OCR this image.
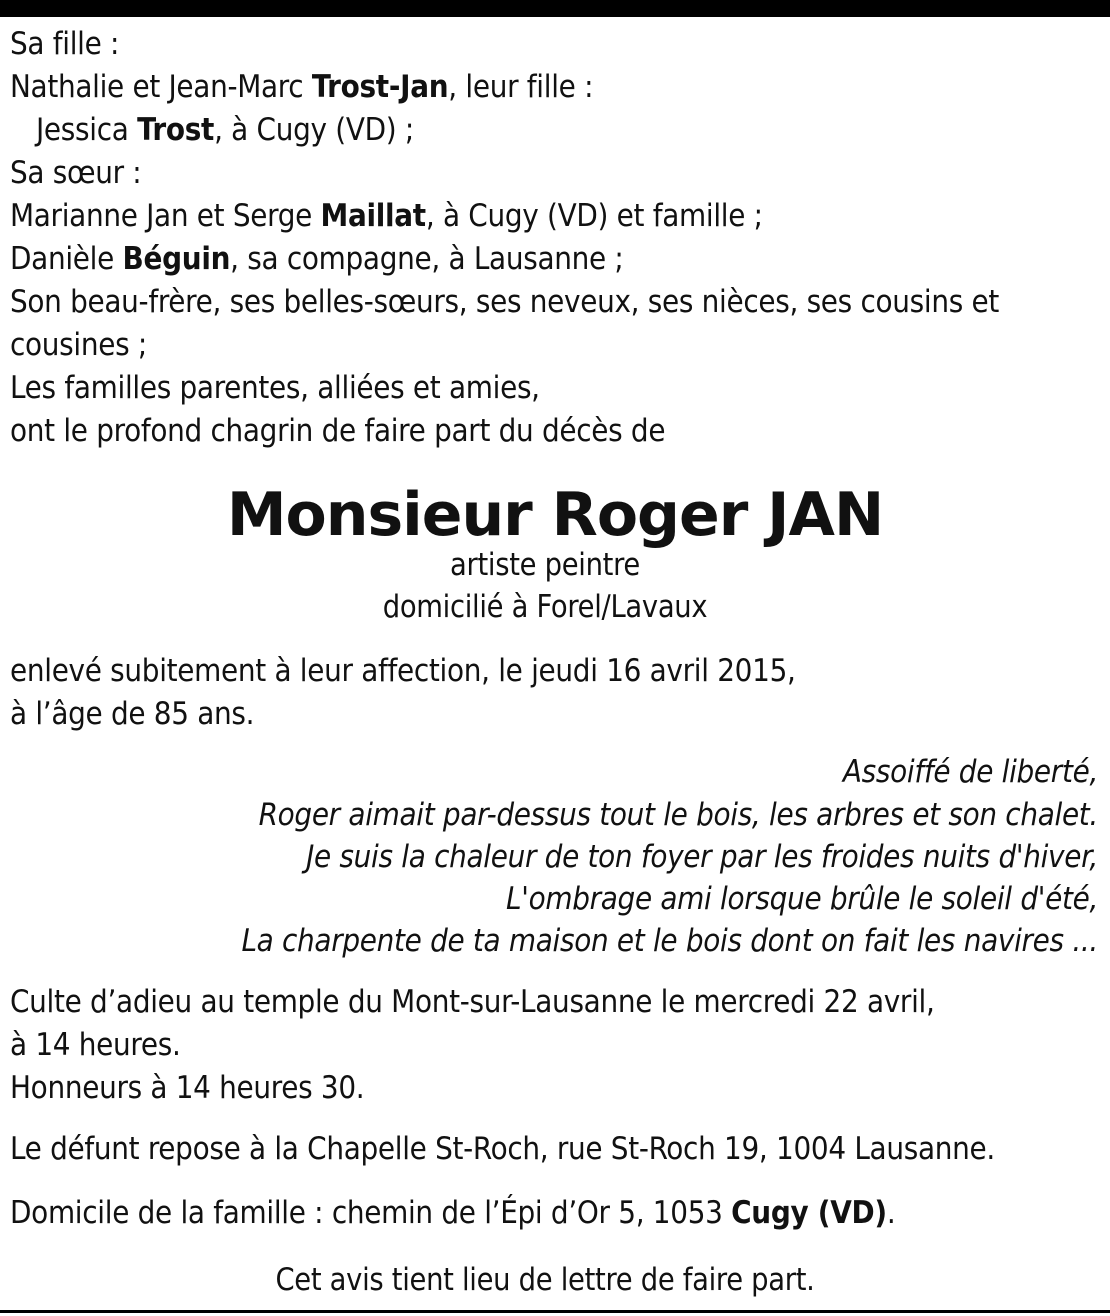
Sa fille :
Nathalie et Jean-Marc Trost-Jan, leur fille :
Jessica Trost, à Cugy (VD) ;
Sa sœur :
Marianne Jan et Serge Maillat, à Cugy (VD) et famille ;
Danièle Béguin, sa compagne, à Lausanne ;
Son beau-frère, ses belles-sœurs, ses neveux, ses nièces, ses cousins et
cousines ;
Les familles parentes, alliées et amies,
ont le profond chagrin de faire part du décès de
Monsieur Roger JAN
artiste peintre
domicilié à Forel/Lavaux
enlevé subitement à leur affection, le jeudi 16 avril 2015,
à l’âge de 85 ans.
Assoiffé de liberté,
Roger aimait par-dessus tout le bois, les arbres et son chalet.
Je suis la chaleur de ton foyer par les froides nuits d'hiver,
L'ombrage ami lorsque brûle le soleil d'été,
La charpente de ta maison et le bois dont on fait les navires ...
Culte d’adieu au temple du Mont-sur-Lausanne le mercredi 22 avril,
à 14 heures.
Honneurs à 14 heures 30.
Le défunt repose à la Chapelle St-Roch, rue St-Roch 19, 1004 Lausanne.
Domicile de la famille : chemin de l’Épi d’Or 5, 1053 Cugy (VD).
Cet avis tient lieu de lettre de faire part.
